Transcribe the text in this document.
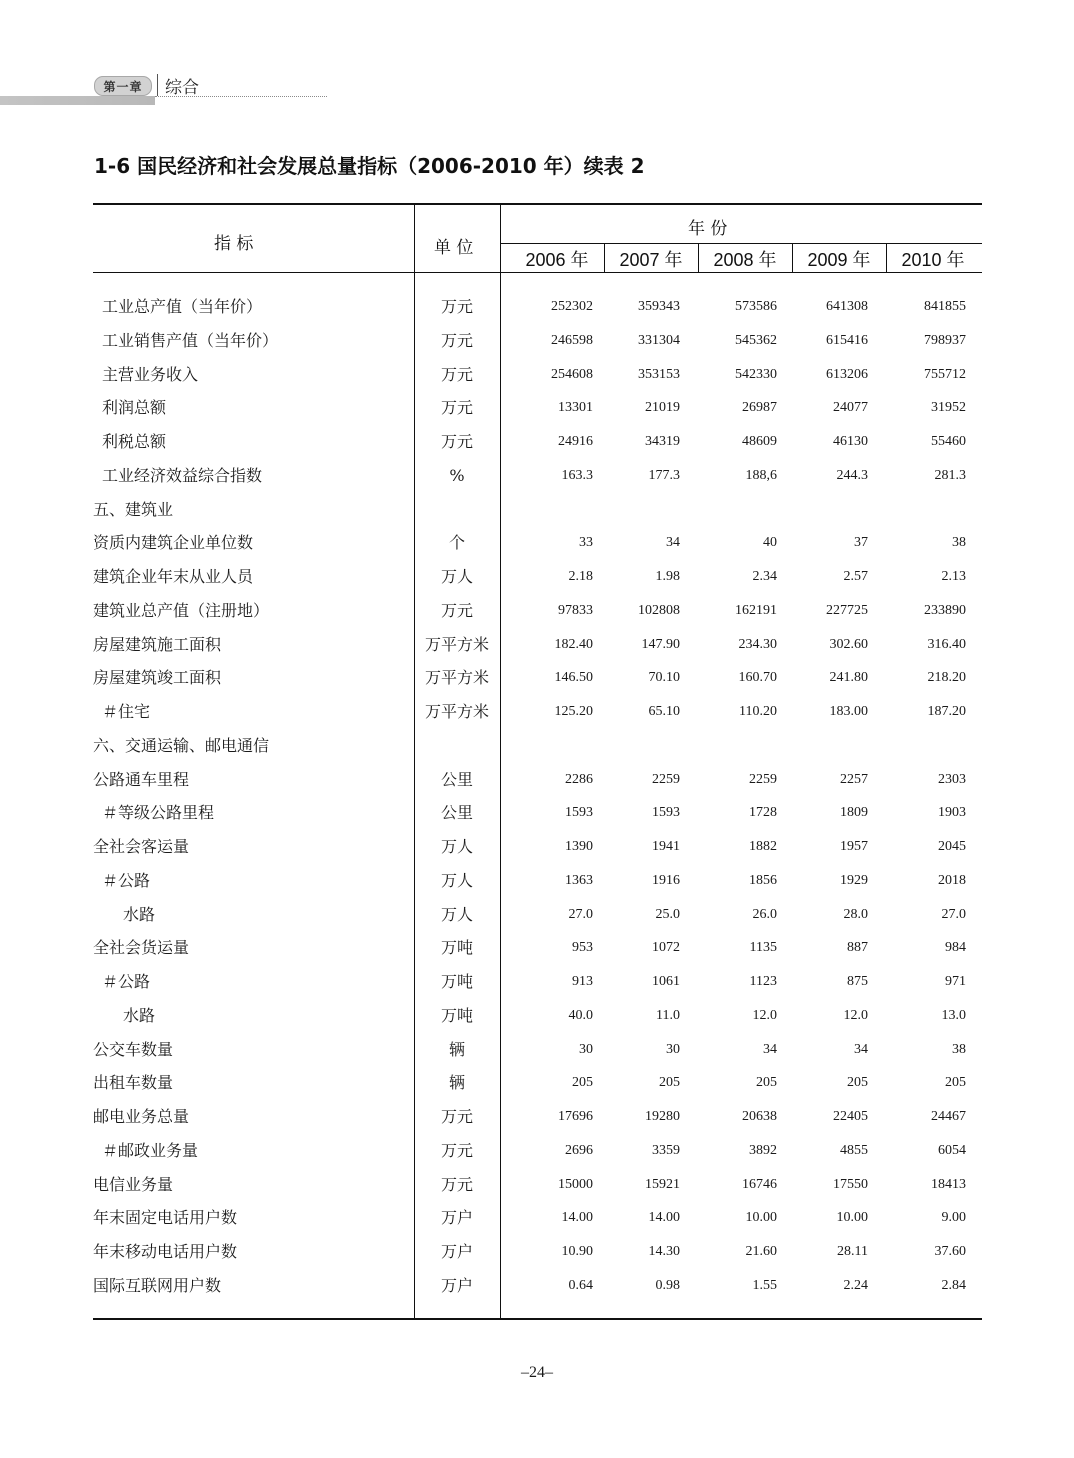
第一章 综合
1-6 国民经济和社会发展总量指标（2006-2010 年）续表 2
指 标	单 位
年 份
2006 年	2007 年	2008 年	2009 年	2010 年
工业总产值（当年价）	万元	252302	359343	573586	641308	841855
工业销售产值（当年价）	万元	246598	331304	545362	615416	798937
主营业务收入	万元	254608	353153	542330	613206	755712
利润总额	万元	13301	21019	26987	24077	31952
利税总额	万元	24916	34319	48609	46130	55460
工业经济效益综合指数	%	163.3	177.3	188,6	244.3	281.3
五、建筑业
资质内建筑企业单位数	个	33	34	40	37	38
建筑企业年末从业人员	万人	2.18	1.98	2.34	2.57	2.13
建筑业总产值（注册地）	万元	97833	102808	162191	227725	233890
房屋建筑施工面积	万平方米	182.40	147.90	234.30	302.60	316.40
房屋建筑竣工面积	万平方米	146.50	70.10	160.70	241.80	218.20
＃住宅	万平方米	125.20	65.10	110.20	183.00	187.20
六、交通运输、邮电通信
公路通车里程	公里	2286	2259	2259	2257	2303
＃等级公路里程	公里	1593	1593	1728	1809	1903
全社会客运量	万人	1390	1941	1882	1957	2045
＃公路	万人	1363	1916	1856	1929	2018
水路	万人	27.0	25.0	26.0	28.0	27.0
全社会货运量	万吨	953	1072	1135	887	984
＃公路	万吨	913	1061	1123	875	971
水路	万吨	40.0	11.0	12.0	12.0	13.0
公交车数量	辆	30	30	34	34	38
出租车数量	辆	205	205	205	205	205
邮电业务总量	万元	17696	19280	20638	22405	24467
＃邮政业务量	万元	2696	3359	3892	4855	6054
电信业务量	万元	15000	15921	16746	17550	18413
年末固定电话用户数	万户	14.00	14.00	10.00	10.00	9.00
年末移动电话用户数	万户	10.90	14.30	21.60	28.11	37.60
国际互联网用户数	万户	0.64	0.98	1.55	2.24	2.84
–24–
